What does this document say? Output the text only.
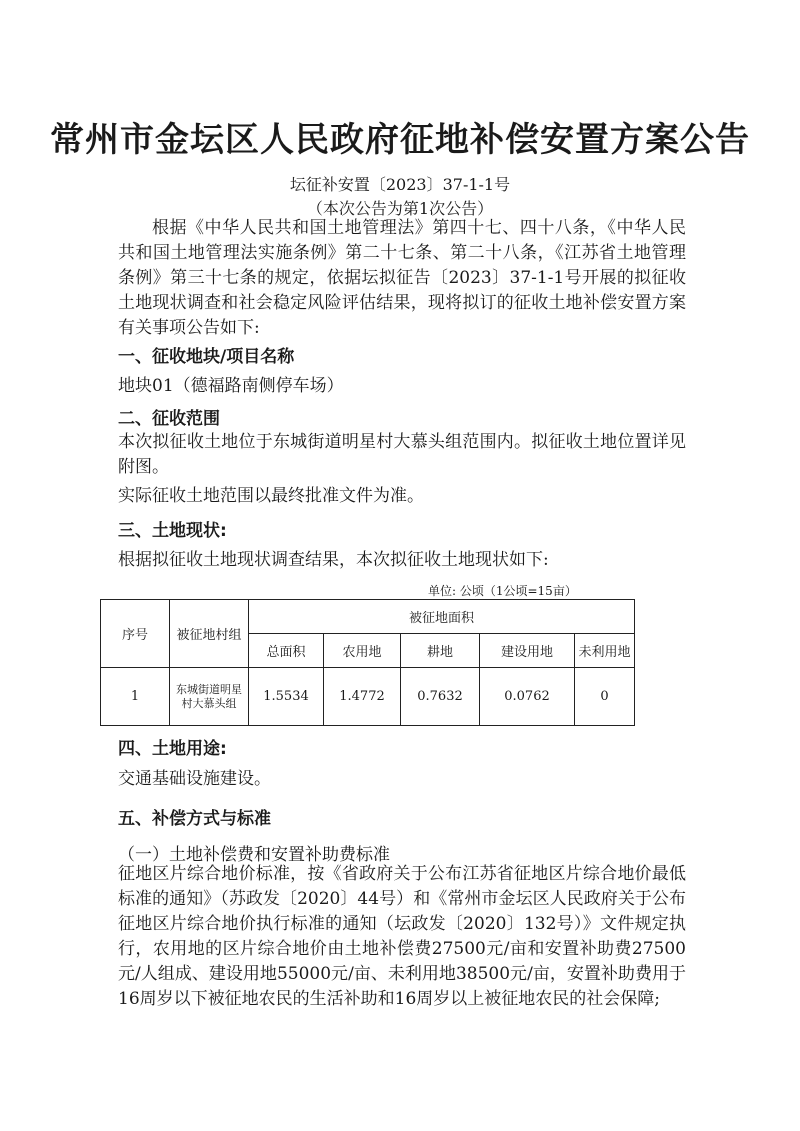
常州市金坛区人民政府征地补偿安置方案公告
坛征补安置〔2023〕37-1-1号
（本次公告为第1次公告）
根据《中华人民共和国土地管理法》第四十七、四十八条，《中华人民共和国土地管理法实施条例》第二十七条、第二十八条，《江苏省土地管理条例》第三十七条的规定，依据坛拟征告〔2023〕37-1-1号开展的拟征收土地现状调查和社会稳定风险评估结果，现将拟订的征收土地补偿安置方案有关事项公告如下:
一、征收地块/项目名称
地块01（德福路南侧停车场）
二、征收范围
本次拟征收土地位于东城街道明星村大慕头组范围内。拟征收土地位置详见附图。
实际征收土地范围以最终批准文件为准。
三、土地现状:
根据拟征收土地现状调查结果，本次拟征收土地现状如下:
单位: 公顷（1公顷=15亩）
序号	被征地村组	被征地面积				
		总面积	农用地	耕地	建设用地	未利用地
1	东城街道明星村大慕头组	1.5534	1.4772	0.7632	0.0762	0
四、土地用途:
交通基础设施建设。
五、补偿方式与标准
（一）土地补偿费和安置补助费标准
征地区片综合地价标准，按《省政府关于公布江苏省征地区片综合地价最低标准的通知》（苏政发〔2020〕44号）和《常州市金坛区人民政府关于公布征地区片综合地价执行标准的通知（坛政发〔2020〕132号）》文件规定执行，农用地的区片综合地价由土地补偿费27500元/亩和安置补助费27500元/人组成、建设用地55000元/亩、未利用地38500元/亩，安置补助费用于16周岁以下被征地农民的生活补助和16周岁以上被征地农民的社会保障;
